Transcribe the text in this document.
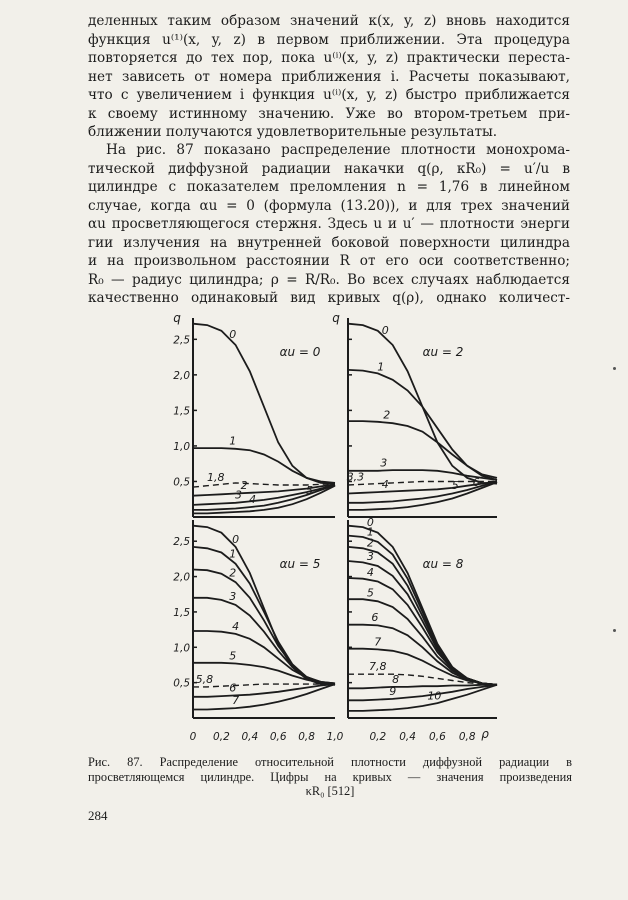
деленных таким образом значений κ(x, y, z) вновь находится
функция u⁽¹⁾(x, y, z) в первом приближении. Эта процедура
повторяется до тех пор, пока u⁽ⁱ⁾(x, y, z) практически переста-
нет зависеть от номера приближения i. Расчеты показывают,
что с увеличением i функция u⁽ⁱ⁾(x, y, z) быстро приближается
к своему истинному значению. Уже во втором-третьем при-
ближении получаются удовлетворительные результаты.
На рис. 87 показано распределение плотности монохрома-
тической диффузной радиации накачки q(ρ, κR₀) = u′/u в
цилиндре с показателем преломления n = 1,76 в линейном
случае, когда αu = 0 (формула (13.20)), и для трех значений
αu просветляющегося стержня. Здесь u и u′ — плотности энерги
гии излучения на внутренней боковой поверхности цилиндра
и на произвольном расстоянии R от его оси соответственно;
R₀ — радиус цилиндра; ρ = R/R₀. Во всех случаях наблюдается
качественно одинаковый вид кривых q(ρ), однако количест-
2,5
2,0
1,5
1,0
0,5
0
1
1,8
2
3 4
5
αu = 0
0
1
2
3
3,3
4	5 6
αu = 2
2,5
2,0
1,5
1,0
0,5
0
1
2
3
4
5
5,8
6
7
αu = 5
0
1
2
3
4
5
6
7
7,8
8
9	10
αu = 8
q	q
ρ
0 0,2 0,4 0,6 0,8 1,0 0,2 0,4 0,6 0,8
Рис. 87. Распределение относительной плотности диффузной радиации в
просветляющемся цилиндре. Цифры на кривых — значения произведения
κR₀ [512]
284
